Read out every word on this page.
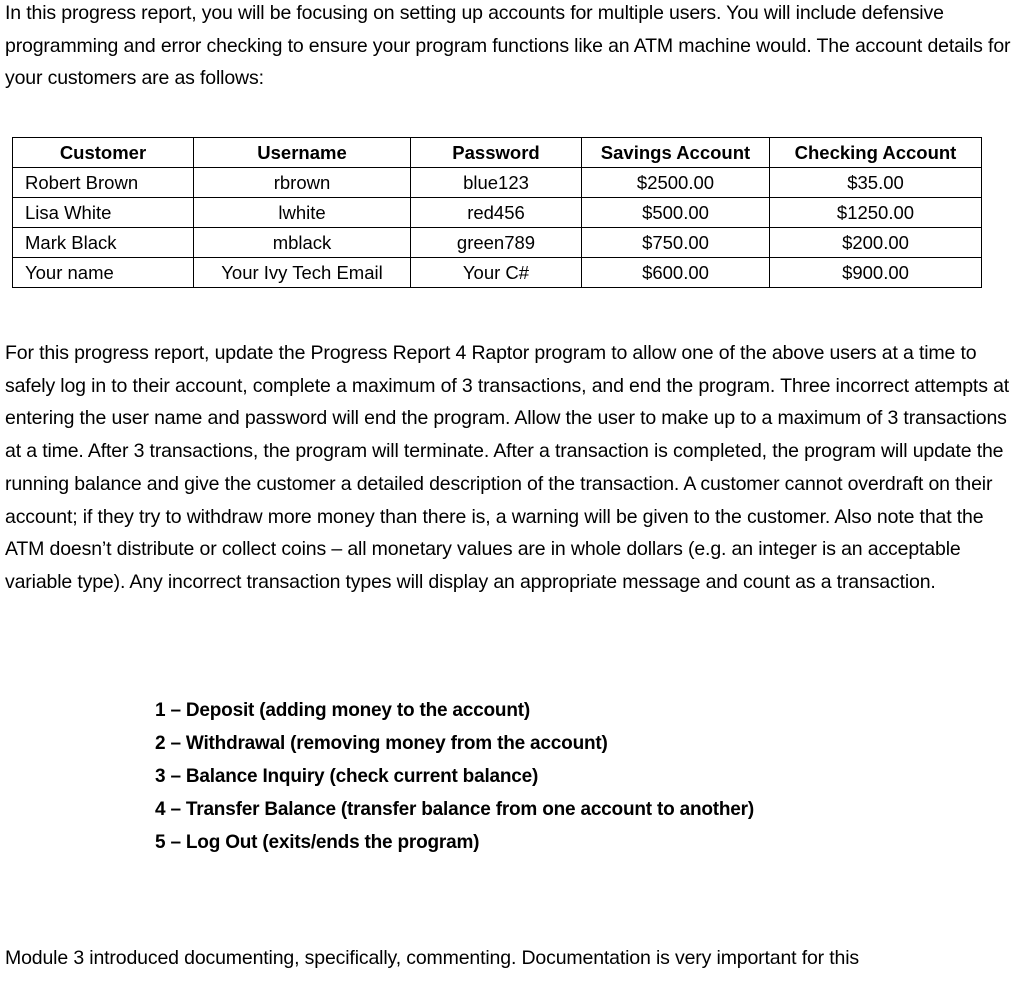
In this progress report, you will be focusing on setting up accounts for multiple users. You will include defensive programming and error checking to ensure your program functions like an ATM machine would. The account details for your customers are as follows:

Customer	Username	Password	Savings Account	Checking Account
Robert Brown	rbrown	blue123	$2500.00	$35.00
Lisa White	lwhite	red456	$500.00	$1250.00
Mark Black	mblack	green789	$750.00	$200.00
Your name	Your Ivy Tech Email	Your C#	$600.00	$900.00

For this progress report, update the Progress Report 4 Raptor program to allow one of the above users at a time to safely log in to their account, complete a maximum of 3 transactions, and end the program. Three incorrect attempts at entering the user name and password will end the program. Allow the user to make up to a maximum of 3 transactions at a time. After 3 transactions, the program will terminate. After a transaction is completed, the program will update the running balance and give the customer a detailed description of the transaction. A customer cannot overdraft on their account; if they try to withdraw more money than there is, a warning will be given to the customer. Also note that the ATM doesn’t distribute or collect coins – all monetary values are in whole dollars (e.g. an integer is an acceptable variable type). Any incorrect transaction types will display an appropriate message and count as a transaction.

1 – Deposit (adding money to the account)
2 – Withdrawal (removing money from the account)
3 – Balance Inquiry (check current balance)
4 – Transfer Balance (transfer balance from one account to another)
5 – Log Out (exits/ends the program)

Module 3 introduced documenting, specifically, commenting. Documentation is very important for this
